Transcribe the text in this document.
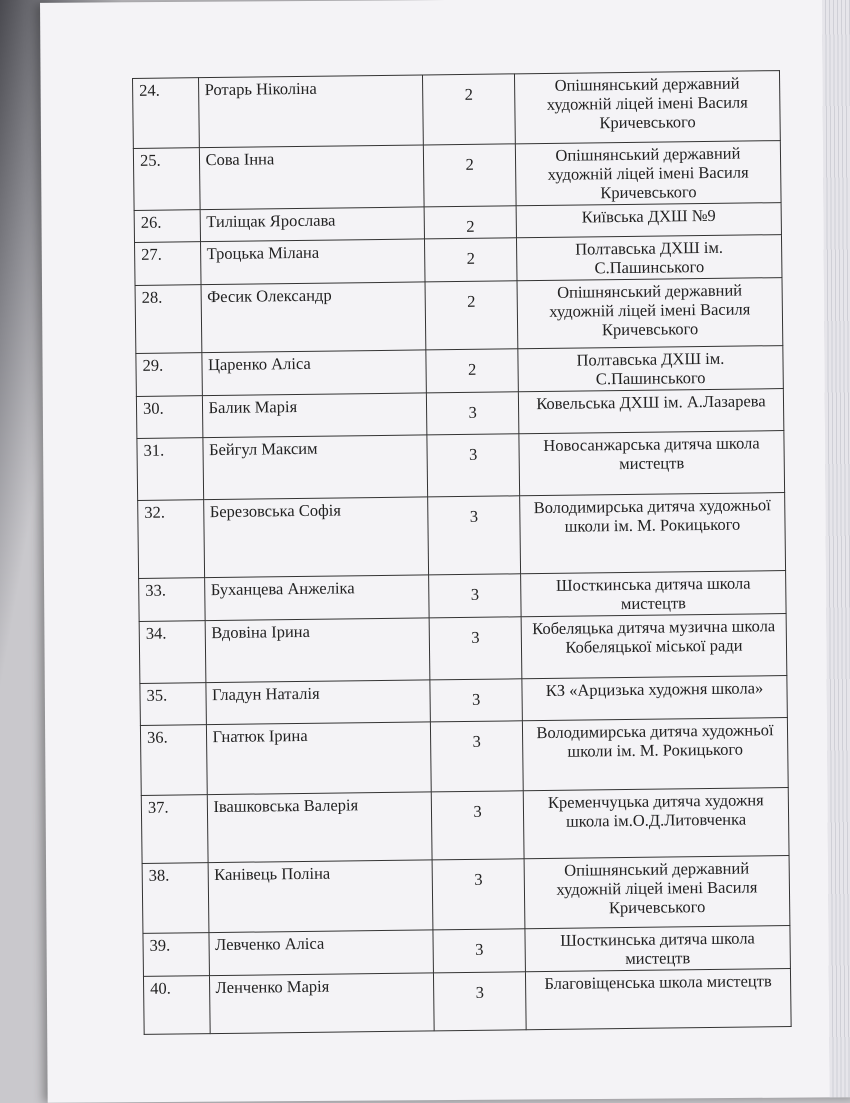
24.	Ротарь Ніколіна	2	Опішнянський державний художній ліцей імені Василя Кричевського
25.	Сова Інна	2	Опішнянський державний художній ліцей імені Василя Кричевського
26.	Тиліщак Ярослава	2	Київська ДХШ №9
27.	Троцька Мілана	2	Полтавська ДХШ ім. С.Пашинського
28.	Фесик Олександр	2	Опішнянський державний художній ліцей імені Василя Кричевського
29.	Царенко Аліса	2	Полтавська ДХШ ім. С.Пашинського
30.	Балик Марія	3	Ковельська ДХШ ім. А.Лазарева
31.	Бейгул Максим	3	Новосанжарська дитяча школа мистецтв
32.	Березовська Софія	3	Володимирська дитяча художньої школи ім. М. Рокицького
33.	Буханцева Анжеліка	3	Шосткинська дитяча школа мистецтв
34.	Вдовіна Ірина	3	Кобеляцька дитяча музична школа Кобеляцької міської ради
35.	Гладун Наталія	3	КЗ «Арцизька художня школа»
36.	Гнатюк Ірина	3	Володимирська дитяча художньої школи ім. М. Рокицького
37.	Івашковська Валерія	3	Кременчуцька дитяча художня школа ім.О.Д.Литовченка
38.	Канівець Поліна	3	Опішнянський державний художній ліцей імені Василя Кричевського
39.	Левченко Аліса	3	Шосткинська дитяча школа мистецтв
40.	Ленченко Марія	3	Благовіщенська школа мистецтв
